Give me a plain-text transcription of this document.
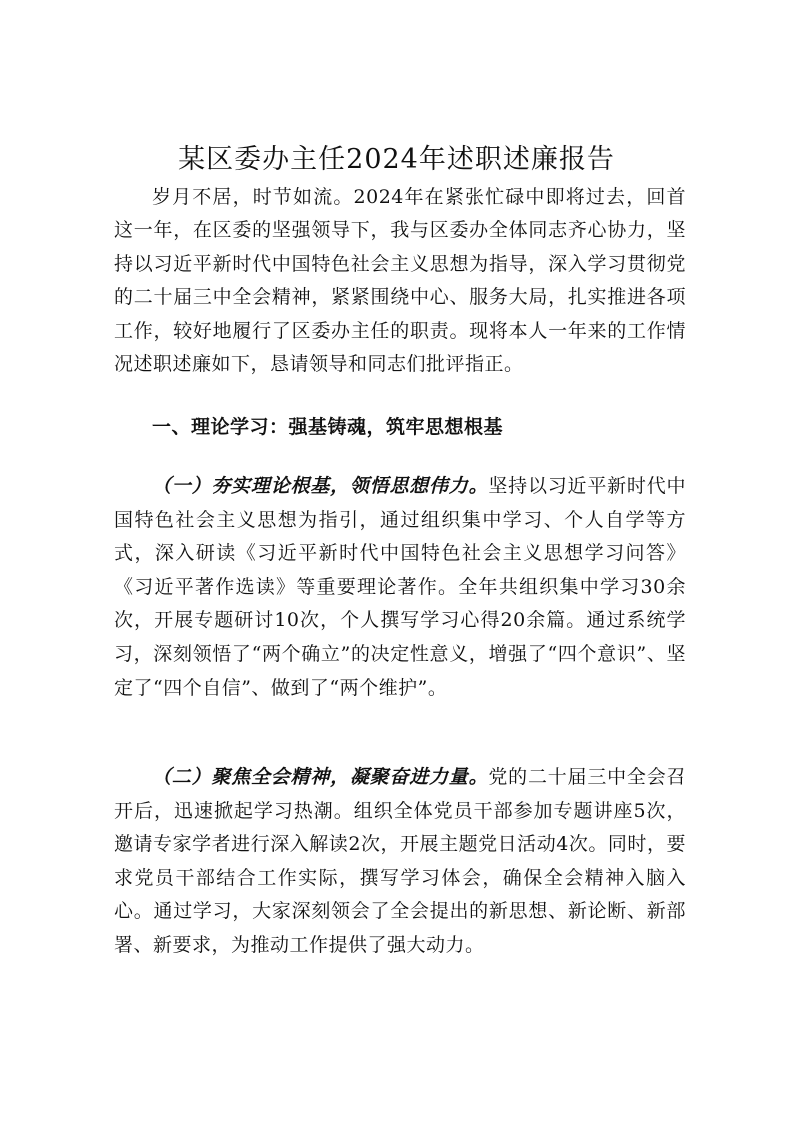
某区委办主任2024年述职述廉报告

岁月不居，时节如流。2024年在紧张忙碌中即将过去，回首这一年，在区委的坚强领导下，我与区委办全体同志齐心协力，坚持以习近平新时代中国特色社会主义思想为指导，深入学习贯彻党的二十届三中全会精神，紧紧围绕中心、服务大局，扎实推进各项工作，较好地履行了区委办主任的职责。现将本人一年来的工作情况述职述廉如下，恳请领导和同志们批评指正。

一、理论学习：强基铸魂，筑牢思想根基

（一）夯实理论根基，领悟思想伟力。坚持以习近平新时代中国特色社会主义思想为指引，通过组织集中学习、个人自学等方式，深入研读《习近平新时代中国特色社会主义思想学习问答》《习近平著作选读》等重要理论著作。全年共组织集中学习30余次，开展专题研讨10次，个人撰写学习心得20余篇。通过系统学习，深刻领悟了“两个确立”的决定性意义，增强了“四个意识”、坚定了“四个自信”、做到了“两个维护”。

（二）聚焦全会精神，凝聚奋进力量。党的二十届三中全会召开后，迅速掀起学习热潮。组织全体党员干部参加专题讲座5次，邀请专家学者进行深入解读2次，开展主题党日活动4次。同时，要求党员干部结合工作实际，撰写学习体会，确保全会精神入脑入心。通过学习，大家深刻领会了全会提出的新思想、新论断、新部署、新要求，为推动工作提供了强大动力。
